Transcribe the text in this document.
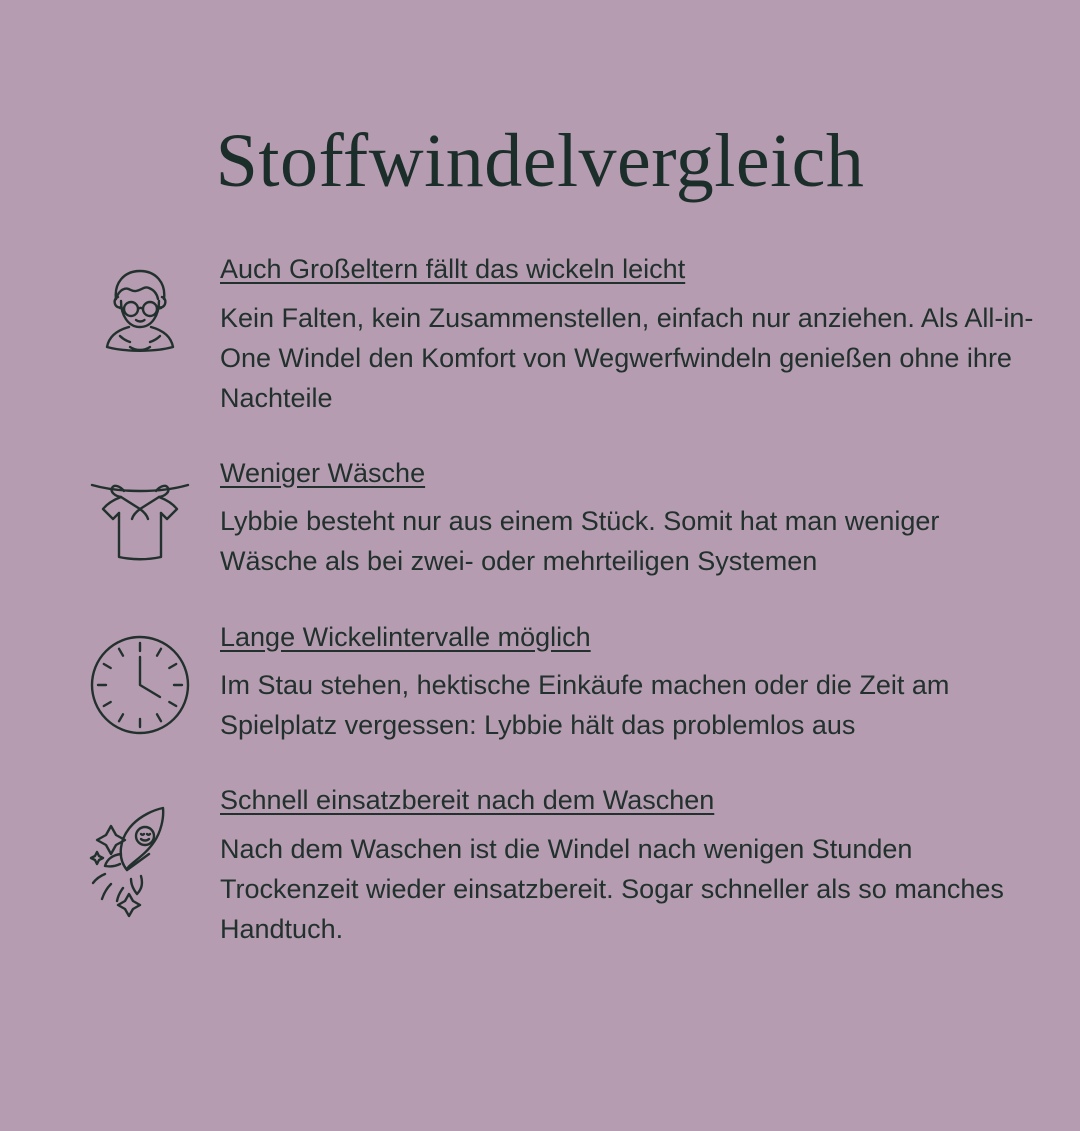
Stoffwindelvergleich
Auch Großeltern fällt das wickeln leicht

Kein Falten, kein Zusammenstellen, einfach nur anziehen. Als All-in-One Windel den Komfort von Wegwerfwindeln genießen ohne ihre Nachteile

Weniger Wäsche

Lybbie besteht nur aus einem Stück. Somit hat man weniger Wäsche als bei zwei- oder mehrteiligen Systemen

Lange Wickelintervalle möglich

Im Stau stehen, hektische Einkäufe machen oder die Zeit am Spielplatz vergessen: Lybbie hält das problemlos aus

Schnell einsatzbereit nach dem Waschen

Nach dem Waschen ist die Windel nach wenigen Stunden Trockenzeit wieder einsatzbereit. Sogar schneller als so manches Handtuch.
